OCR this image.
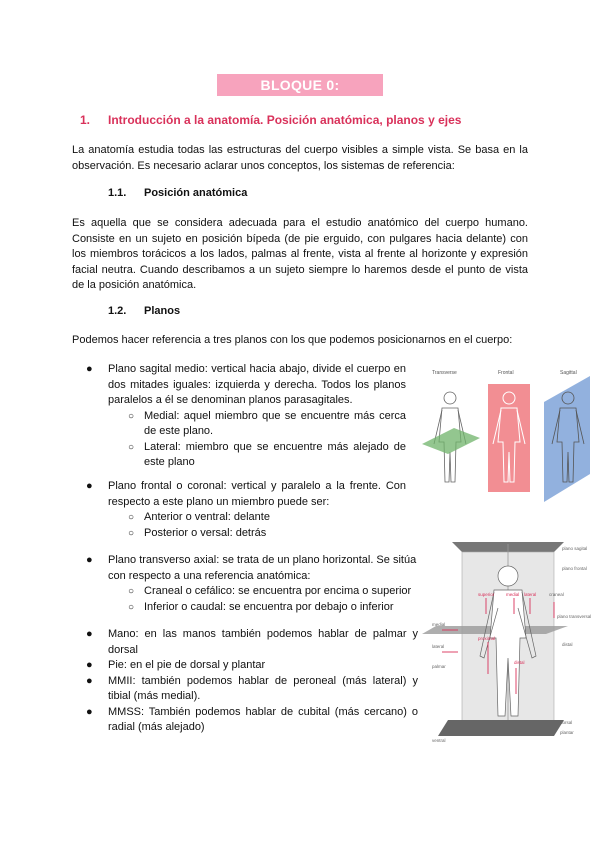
BLOQUE 0: INTRODUCCIÓN
1. Introducción a la anatomía. Posición anatómica, planos y ejes
La anatomía estudia todas las estructuras del cuerpo visibles a simple vista. Se basa en la observación. Es necesario aclarar unos conceptos, los sistemas de referencia:
1.1. Posición anatómica
Es aquella que se considera adecuada para el estudio anatómico del cuerpo humano. Consiste en un sujeto en posición bípeda (de pie erguido, con pulgares hacia delante) con los miembros torácicos a los lados, palmas al frente, vista al frente al horizonte y expresión facial neutra. Cuando describamos a un sujeto siempre lo haremos desde el punto de vista de la posición anatómica.
1.2. Planos
Podemos hacer referencia a tres planos con los que podemos posicionarnos en el cuerpo:
● Plano sagital medio: vertical hacia abajo, divide el cuerpo en dos mitades iguales: izquierda y derecha. Todos los planos paralelos a él se denominan planos parasagitales.
○ Medial: aquel miembro que se encuentre más cerca de este plano.
○ Lateral: miembro que se encuentre más alejado de este plano
● Plano frontal o coronal: vertical y paralelo a la frente. Con respecto a este plano un miembro puede ser:
○ Anterior o ventral: delante
○ Posterior o versal: detrás
● Plano transverso axial: se trata de un plano horizontal. Se sitúa con respecto a una referencia anatómica:
○ Craneal o cefálico: se encuentra por encima o superior
○ Inferior o caudal: se encuentra por debajo o inferior
● Mano: en las manos también podemos hablar de palmar y dorsal
● Pie: en el pie de dorsal y plantar
● MMII: también podemos hablar de peroneal (más lateral) y tibial (más medial).
● MMSS: También podemos hablar de cubital (más cercano) o radial (más alejado)
Transverse	Frontal	Sagittal
superior	medial lateral
proximal
distal
plano sagital
plano frontal
craneal
plano transversal
distal
dorsal
plantar
medial
lateral
palmar
ventral
